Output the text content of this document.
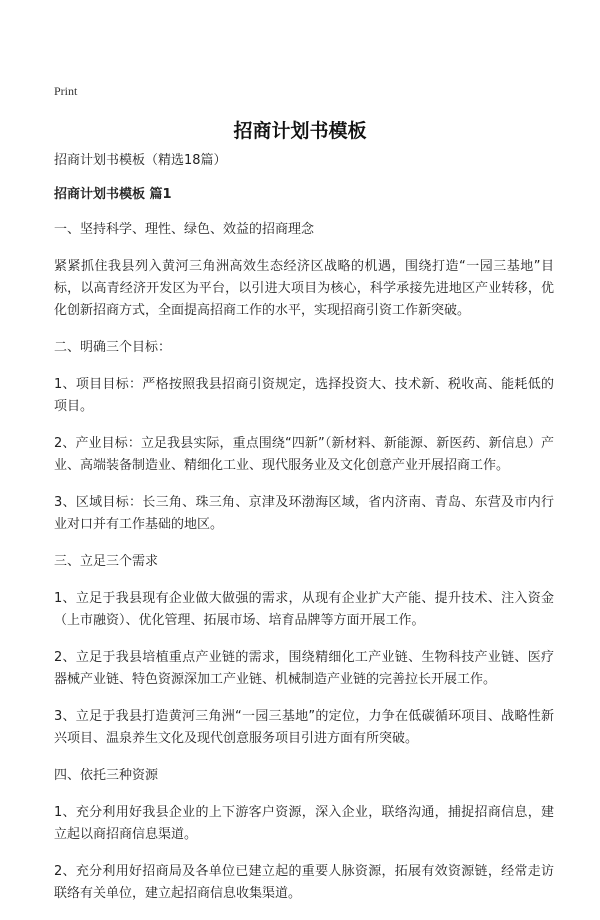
Print
招商计划书模板

招商计划书模板（精选18篇）

招商计划书模板 篇1

一、坚持科学、理性、绿色、效益的招商理念

紧紧抓住我县列入黄河三角洲高效生态经济区战略的机遇，围绕打造“一园三基地”目标，以高青经济开发区为平台，以引进大项目为核心，科学承接先进地区产业转移，优化创新招商方式，全面提高招商工作的水平，实现招商引资工作新突破。

二、明确三个目标：

1、项目目标：严格按照我县招商引资规定，选择投资大、技术新、税收高、能耗低的项目。

2、产业目标：立足我县实际，重点围绕“四新”（新材料、新能源、新医药、新信息）产业、高端装备制造业、精细化工业、现代服务业及文化创意产业开展招商工作。

3、区域目标：长三角、珠三角、京津及环渤海区域，省内济南、青岛、东营及市内行业对口并有工作基础的地区。

三、立足三个需求

1、立足于我县现有企业做大做强的需求，从现有企业扩大产能、提升技术、注入资金（上市融资）、优化管理、拓展市场、培育品牌等方面开展工作。

2、立足于我县培植重点产业链的需求，围绕精细化工产业链、生物科技产业链、医疗器械产业链、特色资源深加工产业链、机械制造产业链的完善拉长开展工作。

3、立足于我县打造黄河三角洲“一园三基地”的定位，力争在低碳循环项目、战略性新兴项目、温泉养生文化及现代创意服务项目引进方面有所突破。

四、依托三种资源

1、充分利用好我县企业的上下游客户资源，深入企业，联络沟通，捕捉招商信息，建立起以商招商信息渠道。

2、充分利用好招商局及各单位已建立起的重要人脉资源，拓展有效资源链，经常走访联络有关单位，建立起招商信息收集渠道。
